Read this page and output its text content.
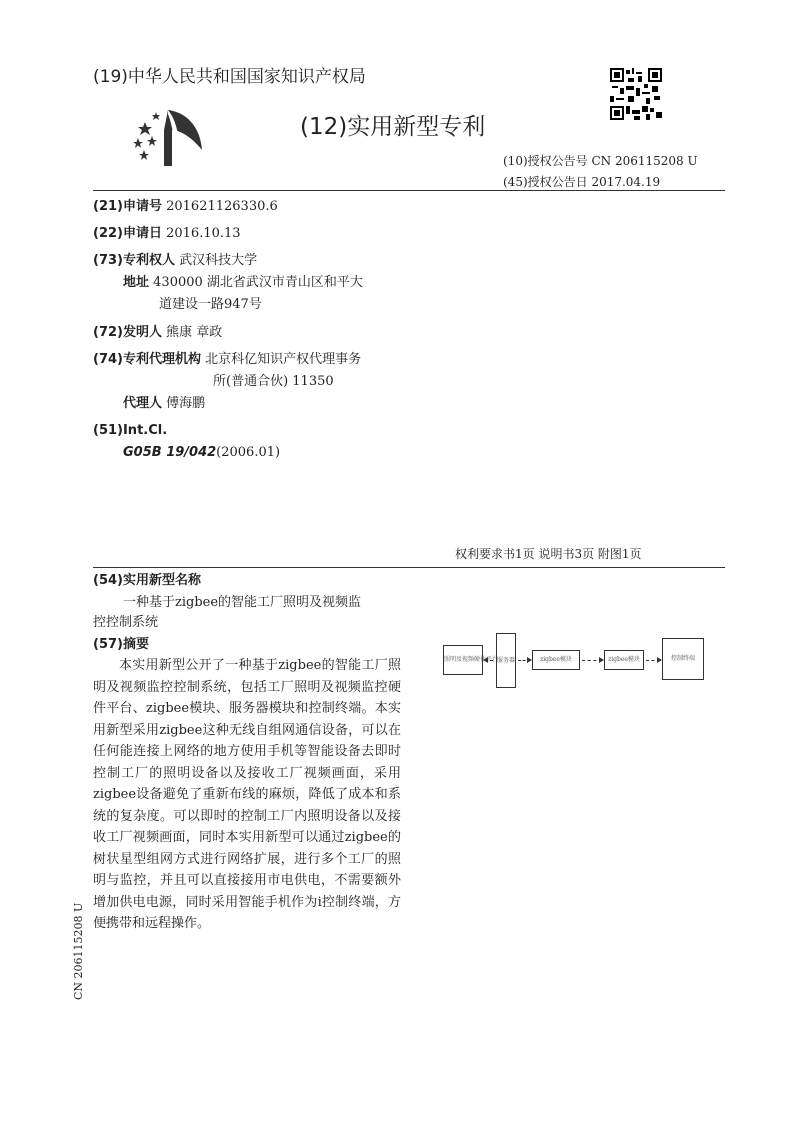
(19)中华人民共和国国家知识产权局
(12)实用新型专利
(10)授权公告号 CN 206115208 U
(45)授权公告日 2017.04.19
(21)申请号 201621126330.6
(22)申请日 2016.10.13
(73)专利权人 武汉科技大学
地址 430000 湖北省武汉市青山区和平大
道建设一路947号
(72)发明人 熊康 章政
(74)专利代理机构 北京科亿知识产权代理事务
所(普通合伙) 11350
代理人 傅海鹏
(51)Int.Cl.
G05B 19/042(2006.01)
权利要求书1页 说明书3页 附图1页
(54)实用新型名称
一种基于zigbee的智能工厂照明及视频监
控控制系统
(57)摘要
本实用新型公开了一种基于zigbee的智能工厂照明及视频监控控制系统，包括工厂照明及视频监控硬件平台、zigbee模块、服务器模块和控制终端。本实用新型采用zigbee这种无线自组网通信设备，可以在任何能连接上网络的地方使用手机等智能设备去即时控制工厂的照明设备以及接收工厂视频画面，采用zigbee设备避免了重新布线的麻烦，降低了成本和系统的复杂度。可以即时的控制工厂内照明设备以及接收工厂视频画面，同时本实用新型可以通过zigbee的树状星型组网方式进行网络扩展，进行多个工厂的照明与监控，并且可以直接接用市电供电，不需要额外增加供电电源，同时采用智能手机作为i控制终端，方便携带和远程操作。
CN 206115208 U
照明及视频硬件平台
服务器	zigbee模块	zigbee模块	控制终端
